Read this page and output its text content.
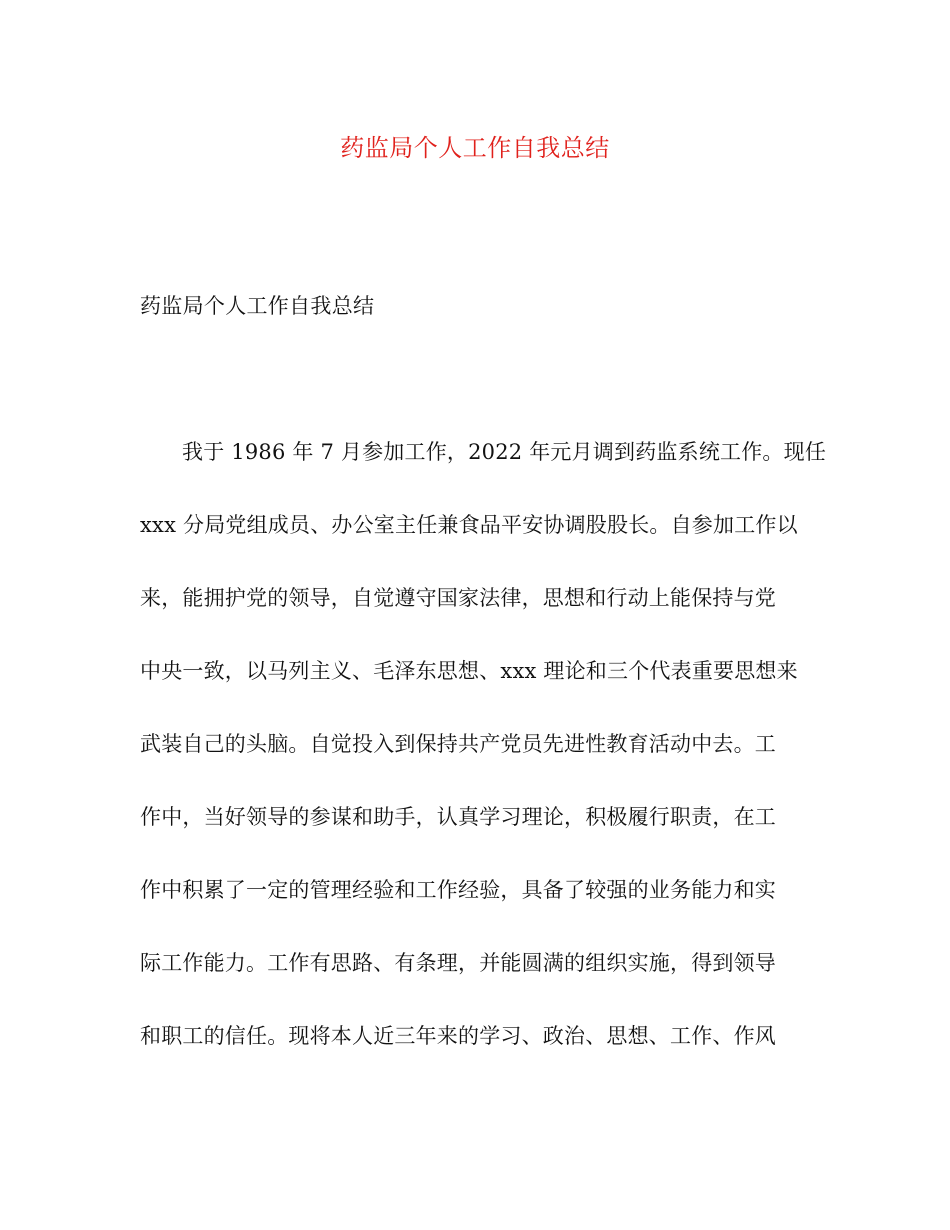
药监局个人工作自我总结
药监局个人工作自我总结
我于 1986 年 7 月参加工作，2022 年元月调到药监系统工作。现任
xxx 分局党组成员、办公室主任兼食品平安协调股股长。自参加工作以
来，能拥护党的领导，自觉遵守国家法律，思想和行动上能保持与党
中央一致，以马列主义、毛泽东思想、xxx 理论和三个代表重要思想来
武装自己的头脑。自觉投入到保持共产党员先进性教育活动中去。工
作中，当好领导的参谋和助手，认真学习理论，积极履行职责，在工
作中积累了一定的管理经验和工作经验，具备了较强的业务能力和实
际工作能力。工作有思路、有条理，并能圆满的组织实施，得到领导
和职工的信任。现将本人近三年来的学习、政治、思想、工作、作风
